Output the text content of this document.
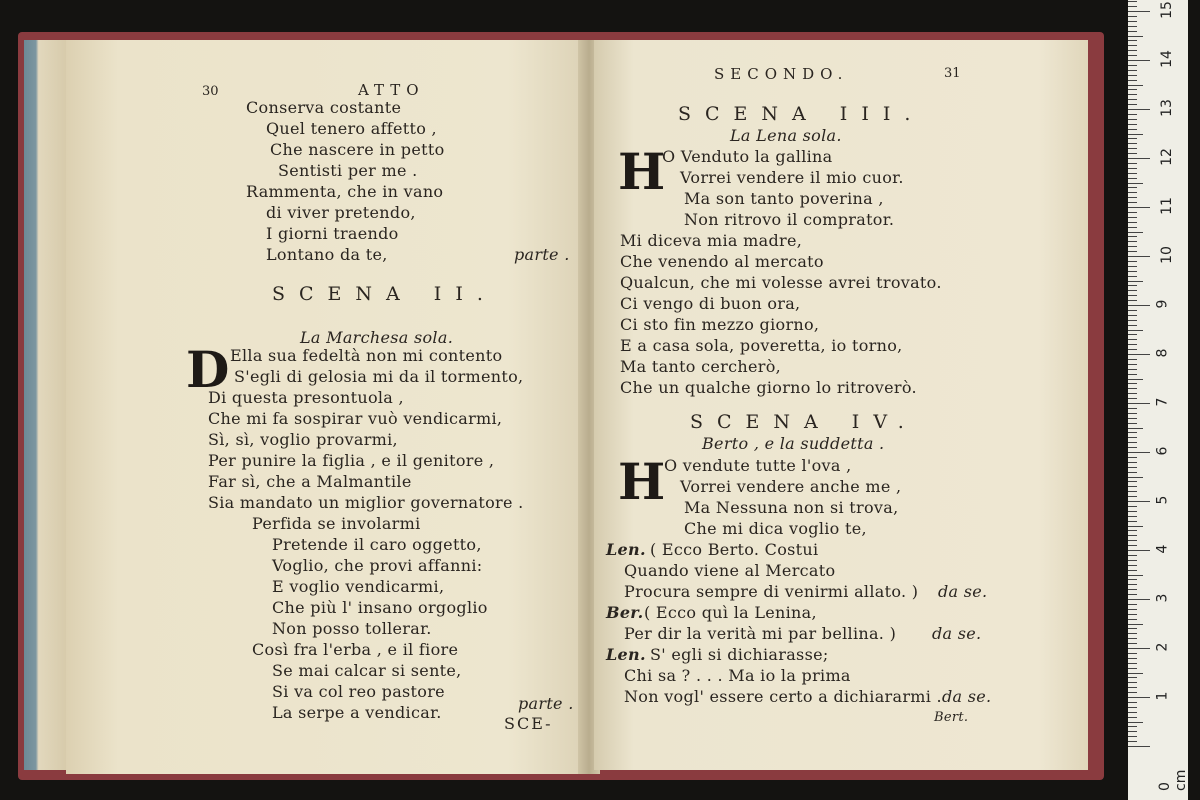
30	ATTO
Conserva costante
Quel tenero affetto ,
Che nascere in petto
Sentisti per me .
Rammenta, che in vano
di viver pretendo,
I giorni traendo
Lontano da te,	parte .
SCENA II.
La Marchesa sola.
D Ella sua fedeltà non mi contento
S'egli di gelosia mi da il tormento,
Di questa presontuola ,
Che mi fa sospirar vuò vendicarmi,
Sì, sì, voglio provarmi,
Per punire la figlia , e il genitore ,
Far sì, che a Malmantile
Sia mandato un miglior governatore .
Perfida se involarmi
Pretende il caro oggetto,
Voglio, che provi affanni:
E voglio vendicarmi,
Che più l' insano orgoglio
Non posso tollerar.
Così fra l'erba , e il fiore
Se mai calcar si sente,
Si va col reo pastore
La serpe a vendicar.	parte .
SCE-
SECONDO.	31
SCENA III.
La Lena sola.
H
O Venduto la gallina
Vorrei vendere il mio cuor.
Ma son tanto poverina ,
Non ritrovo il comprator.
Mi diceva mia madre,
Che venendo al mercato
Qualcun, che mi volesse avrei trovato.
Ci vengo di buon ora,
Ci sto fin mezzo giorno,
E a casa sola, poveretta, io torno,
Ma tanto cercherò,
Che un qualche giorno lo ritroverò.
SCENA IV.
Berto , e la suddetta .
H
O vendute tutte l'ova ,
Vorrei vendere anche me ,
Ma Nessuna non si trova,
Che mi dica voglio te,
Len. ( Ecco Berto. Costui
Quando viene al Mercato
Procura sempre di venirmi allato. ) da se.
Ber. ( Ecco quì la Lenina,
Per dir la verità mi par bellina. ) da se.
Len. S' egli si dichiarasse;
Chi sa ? . . . Ma io la prima
Non vogl' essere certo a dichiararmi . da se.
Bert.
0 cm
1
2
3
4
5
6
7
8
9
10
11
12
13
14
15
